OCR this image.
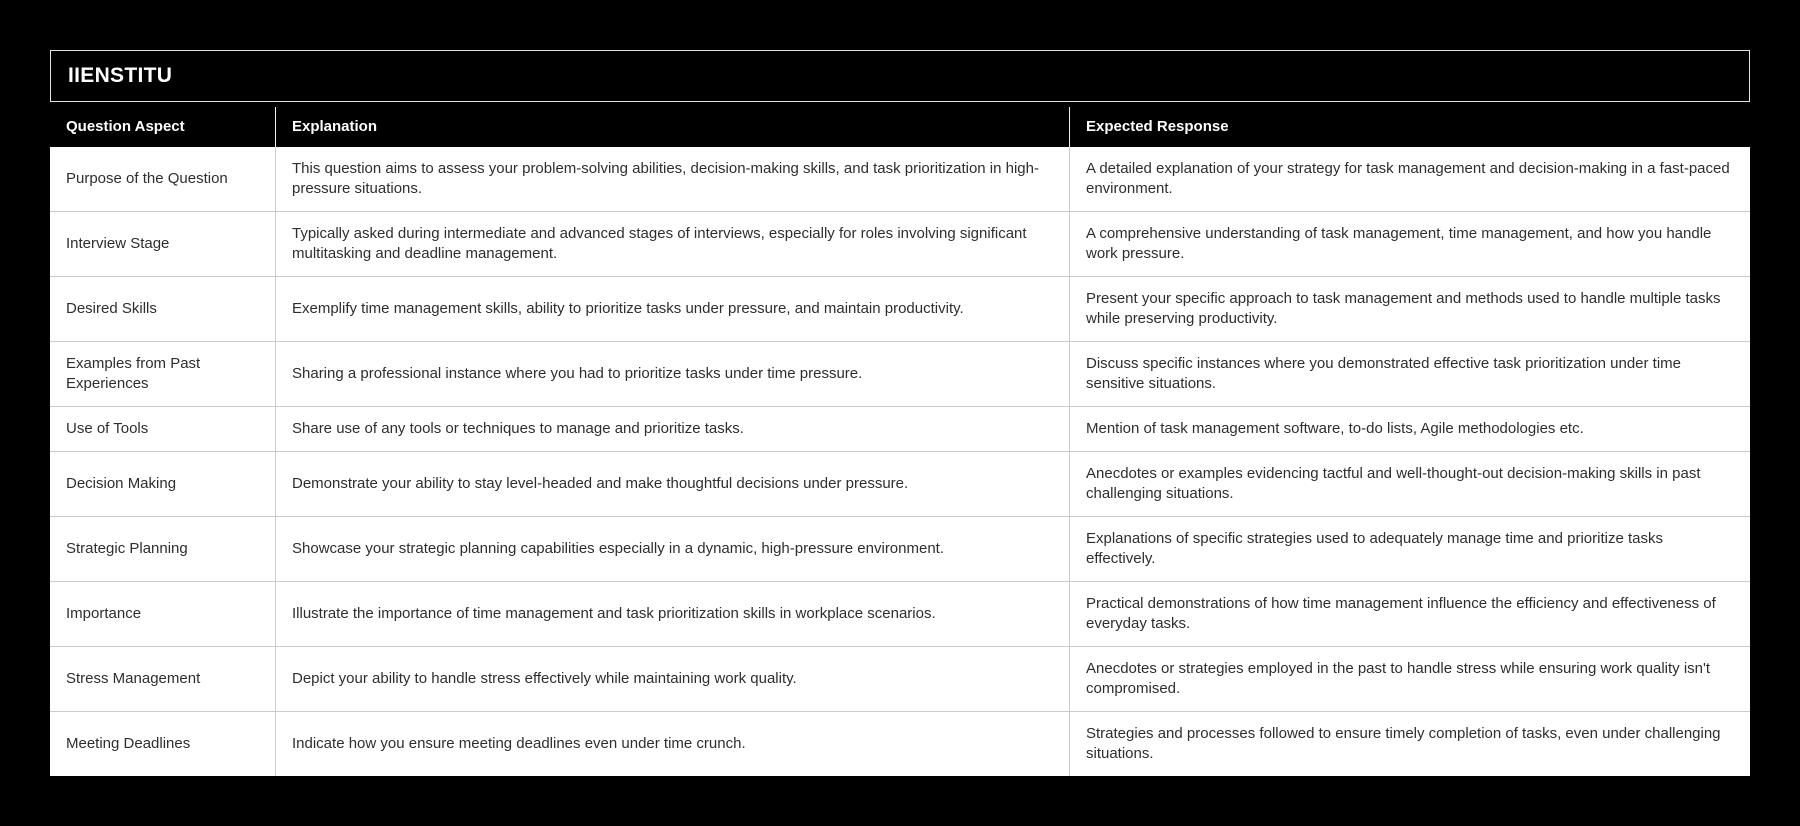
IIENSTITU
Question Aspect	Explanation	Expected Response
Purpose of the Question	This question aims to assess your problem-solving abilities, decision-making skills, and task prioritization in high-pressure situations.	A detailed explanation of your strategy for task management and decision-making in a fast-paced environment.
Interview Stage	Typically asked during intermediate and advanced stages of interviews, especially for roles involving significant multitasking and deadline management.	A comprehensive understanding of task management, time management, and how you handle work pressure.
Desired Skills	Exemplify time management skills, ability to prioritize tasks under pressure, and maintain productivity.	Present your specific approach to task management and methods used to handle multiple tasks while preserving productivity.
Examples from Past Experiences	Sharing a professional instance where you had to prioritize tasks under time pressure.	Discuss specific instances where you demonstrated effective task prioritization under time sensitive situations.
Use of Tools	Share use of any tools or techniques to manage and prioritize tasks.	Mention of task management software, to-do lists, Agile methodologies etc.
Decision Making	Demonstrate your ability to stay level-headed and make thoughtful decisions under pressure.	Anecdotes or examples evidencing tactful and well-thought-out decision-making skills in past challenging situations.
Strategic Planning	Showcase your strategic planning capabilities especially in a dynamic, high-pressure environment.	Explanations of specific strategies used to adequately manage time and prioritize tasks effectively.
Importance	Illustrate the importance of time management and task prioritization skills in workplace scenarios.	Practical demonstrations of how time management influence the efficiency and effectiveness of everyday tasks.
Stress Management	Depict your ability to handle stress effectively while maintaining work quality.	Anecdotes or strategies employed in the past to handle stress while ensuring work quality isn't compromised.
Meeting Deadlines	Indicate how you ensure meeting deadlines even under time crunch.	Strategies and processes followed to ensure timely completion of tasks, even under challenging situations.
